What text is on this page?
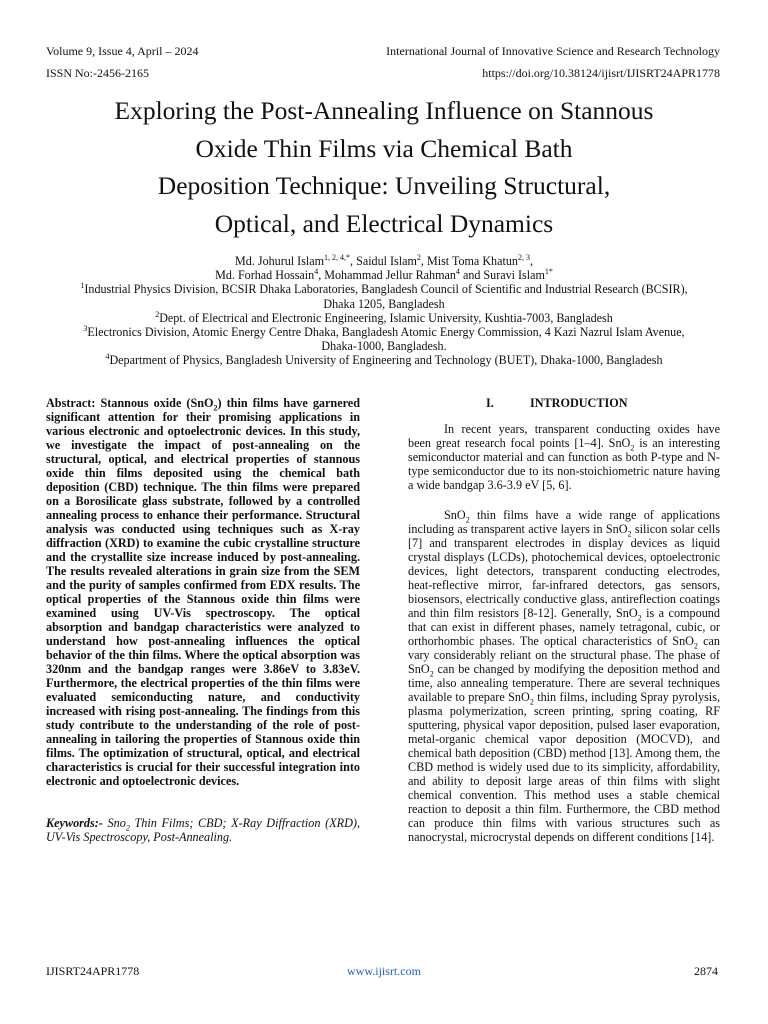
Volume 9, Issue 4, April – 2024
ISSN No:-2456-2165
International Journal of Innovative Science and Research Technology
https://doi.org/10.38124/ijisrt/IJISRT24APR1778
Exploring the Post-Annealing Influence on Stannous
Oxide Thin Films via Chemical Bath
Deposition Technique: Unveiling Structural,
Optical, and Electrical Dynamics
Md. Johurul Islam$^{1, 2, 4,*}$, Saidul Islam$^2$, Mist Toma Khatun$^{2, 3}$,
Md. Forhad Hossain$^4$, Mohammad Jellur Rahman$^4$ and Suravi Islam$^{1*}$
$^1$Industrial Physics Division, BCSIR Dhaka Laboratories, Bangladesh Council of Scientific and Industrial Research (BCSIR),
Dhaka 1205, Bangladesh
$^2$Dept. of Electrical and Electronic Engineering, Islamic University, Kushtia-7003, Bangladesh
$^3$Electronics Division, Atomic Energy Centre Dhaka, Bangladesh Atomic Energy Commission, 4 Kazi Nazrul Islam Avenue,
Dhaka-1000, Bangladesh.
$^4$Department of Physics, Bangladesh University of Engineering and Technology (BUET), Dhaka-1000, Bangladesh

Abstract: Stannous oxide (SnO$_2$) thin films have garnered significant attention for their promising applications in various electronic and optoelectronic devices. In this study, we investigate the impact of post-annealing on the structural, optical, and electrical properties of stannous oxide thin films deposited using the chemical bath deposition (CBD) technique. The thin films were prepared on a Borosilicate glass substrate, followed by a controlled annealing process to enhance their performance. Structural analysis was conducted using techniques such as X-ray diffraction (XRD) to examine the cubic crystalline structure and the crystallite size increase induced by post-annealing. The results revealed alterations in grain size from the SEM and the purity of samples confirmed from EDX results. The optical properties of the Stannous oxide thin films were examined using UV-Vis spectroscopy. The optical absorption and bandgap characteristics were analyzed to understand how post-annealing influences the optical behavior of the thin films. Where the optical absorption was 320nm and the bandgap ranges were 3.86eV to 3.83eV. Furthermore, the electrical properties of the thin films were evaluated semiconducting nature, and conductivity increased with rising post-annealing. The findings from this study contribute to the understanding of the role of post-annealing in tailoring the properties of Stannous oxide thin films. The optimization of structural, optical, and electrical characteristics is crucial for their successful integration into electronic and optoelectronic devices.

Keywords:- Sno$_2$ Thin Films; CBD; X-Ray Diffraction (XRD), UV-Vis Spectroscopy, Post-Annealing.

I.	INTRODUCTION

In recent years, transparent conducting oxides have been great research focal points [1–4]. SnO$_2$ is an interesting semiconductor material and can function as both P-type and N-type semiconductor due to its non-stoichiometric nature having a wide bandgap 3.6-3.9 eV [5, 6].

SnO$_2$ thin films have a wide range of applications including as transparent active layers in SnO$_2$ silicon solar cells [7] and transparent electrodes in display devices as liquid crystal displays (LCDs), photochemical devices, optoelectronic devices, light detectors, transparent conducting electrodes, heat-reflective mirror, far-infrared detectors, gas sensors, biosensors, electrically conductive glass, antireflection coatings and thin film resistors [8-12]. Generally, SnO$_2$ is a compound that can exist in different phases, namely tetragonal, cubic, or orthorhombic phases. The optical characteristics of SnO$_2$ can vary considerably reliant on the structural phase. The phase of SnO$_2$ can be changed by modifying the deposition method and time, also annealing temperature. There are several techniques available to prepare SnO$_2$ thin films, including Spray pyrolysis, plasma polymerization, screen printing, spring coating, RF sputtering, physical vapor deposition, pulsed laser evaporation, metal-organic chemical vapor deposition (MOCVD), and chemical bath deposition (CBD) method [13]. Among them, the CBD method is widely used due to its simplicity, affordability, and ability to deposit large areas of thin films with slight chemical convention. This method uses a stable chemical reaction to deposit a thin film. Furthermore, the CBD method can produce thin films with various structures such as nanocrystal, microcrystal depends on different conditions [14].

IJISRT24APR1778	www.ijisrt.com	2874
